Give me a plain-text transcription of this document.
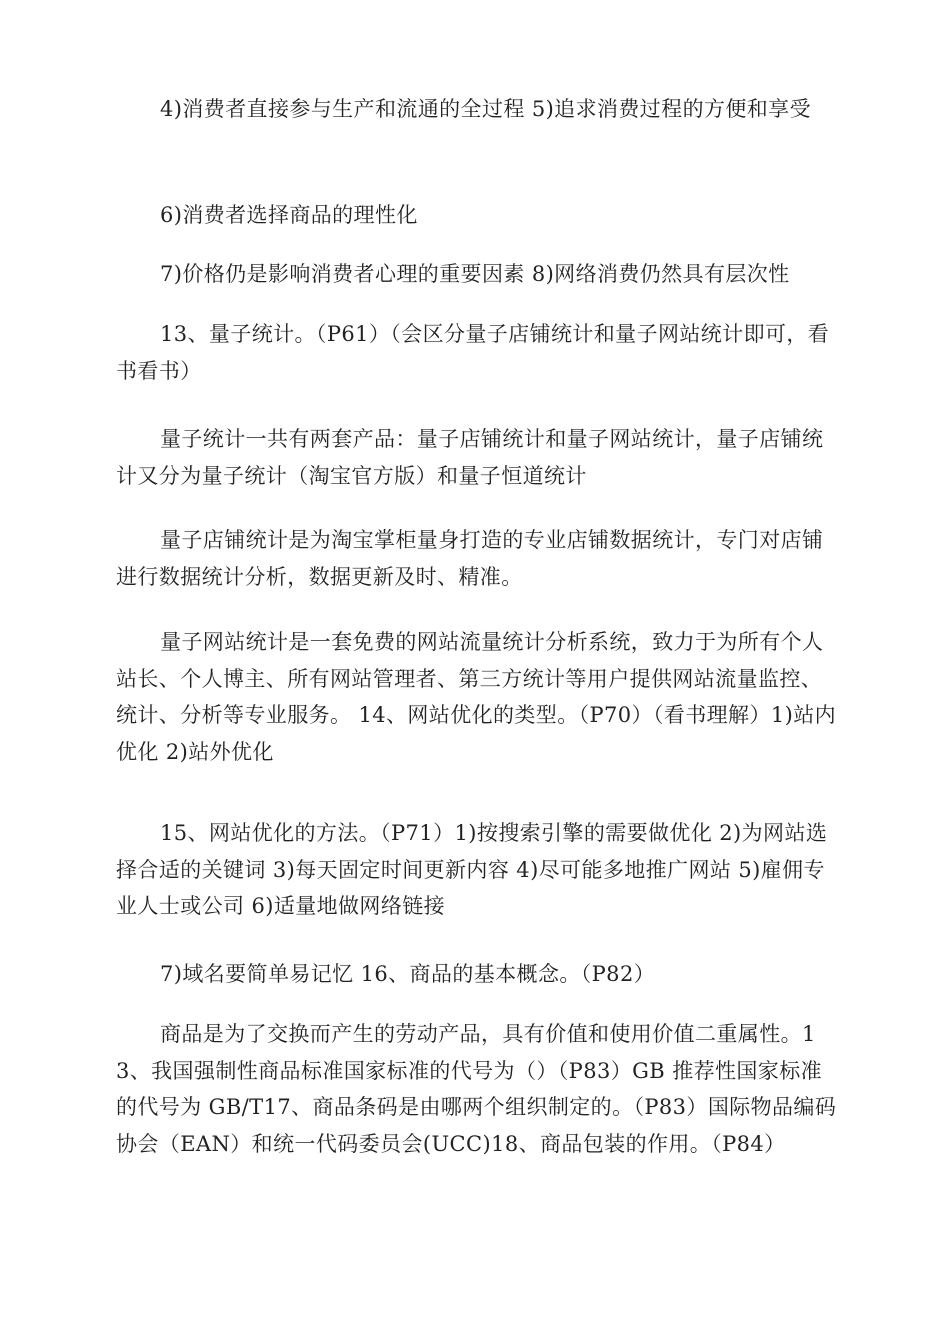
4)消费者直接参与生产和流通的全过程 5)追求消费过程的方便和享受

6)消费者选择商品的理性化

7)价格仍是影响消费者心理的重要因素 8)网络消费仍然具有层次性

13、量子统计。（P61）（会区分量子店铺统计和量子网站统计即可，看书看书）

量子统计一共有两套产品：量子店铺统计和量子网站统计，量子店铺统计又分为量子统计（淘宝官方版）和量子恒道统计

量子店铺统计是为淘宝掌柜量身打造的专业店铺数据统计，专门对店铺进行数据统计分析，数据更新及时、精准。

量子网站统计是一套免费的网站流量统计分析系统，致力于为所有个人站长、个人博主、所有网站管理者、第三方统计等用户提供网站流量监控、统计、分析等专业服务。 14、网站优化的类型。（P70）（看书理解）1)站内优化 2)站外优化

15、网站优化的方法。（P71）1)按搜索引擎的需要做优化 2)为网站选择合适的关键词 3)每天固定时间更新内容 4)尽可能多地推广网站 5)雇佣专业人士或公司 6)适量地做网络链接

7)域名要简单易记忆 16、商品的基本概念。（P82）

商品是为了交换而产生的劳动产品，具有价值和使用价值二重属性。13、我国强制性商品标准国家标准的代号为（）（P83）GB 推荐性国家标准的代号为 GB/T17、商品条码是由哪两个组织制定的。（P83）国际物品编码协会（EAN）和统一代码委员会(UCC)18、商品包装的作用。（P84）
